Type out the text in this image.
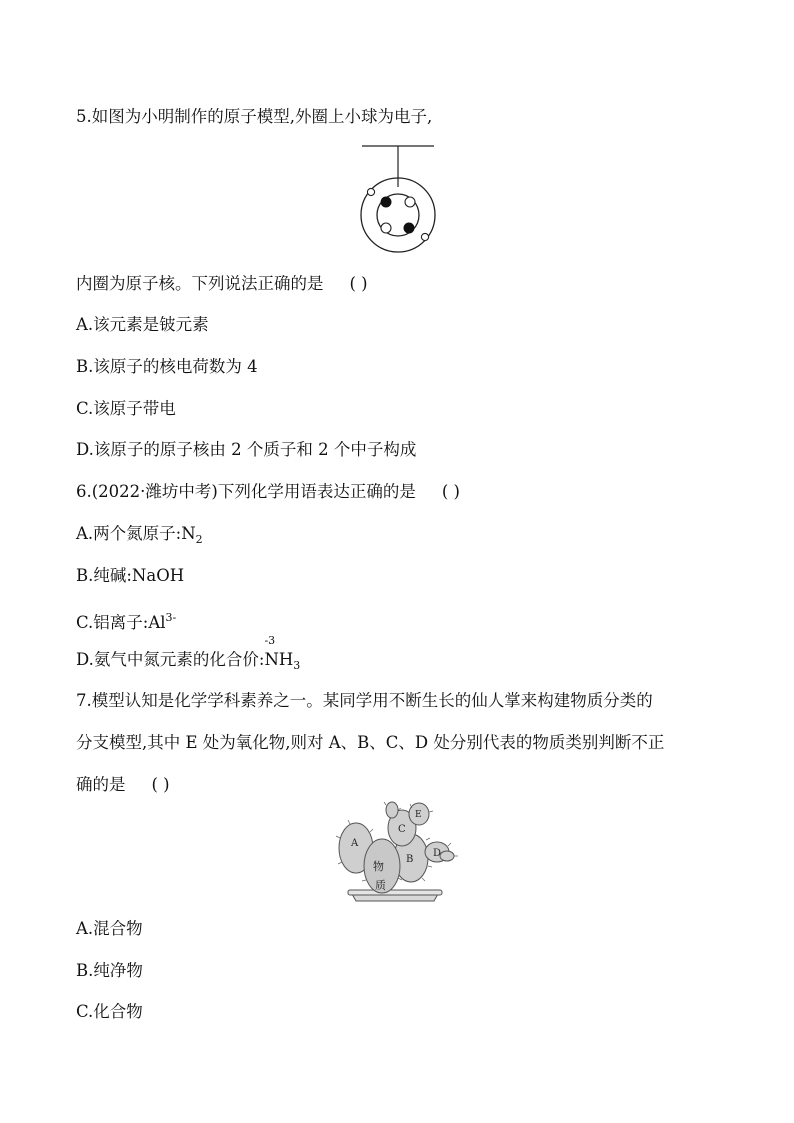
5.如图为小明制作的原子模型,外圈上小球为电子,
内圈为原子核。下列说法正确的是 ( )
A.该元素是铍元素
B.该原子的核电荷数为 4
C.该原子带电
D.该原子的原子核由 2 个质子和 2 个中子构成
6.(2022·潍坊中考)下列化学用语表达正确的是 ( )
A.两个氮原子$:N_2$
B.纯碱:NaOH
C.铝离子$:Al^{3-}$
D.氨气中氮元素的化合价:
-3
$NH_3$
7.模型认知是化学学科素养之一。某同学用不断生长的仙人掌来构建物质分类的
分支模型,其中 E 处为氧化物,则对 A、B、C、D 处分别代表的物质类别判断不正
确的是 ( )
A
B
C
D
E
物
质
A.混合物
B.纯净物
C.化合物
